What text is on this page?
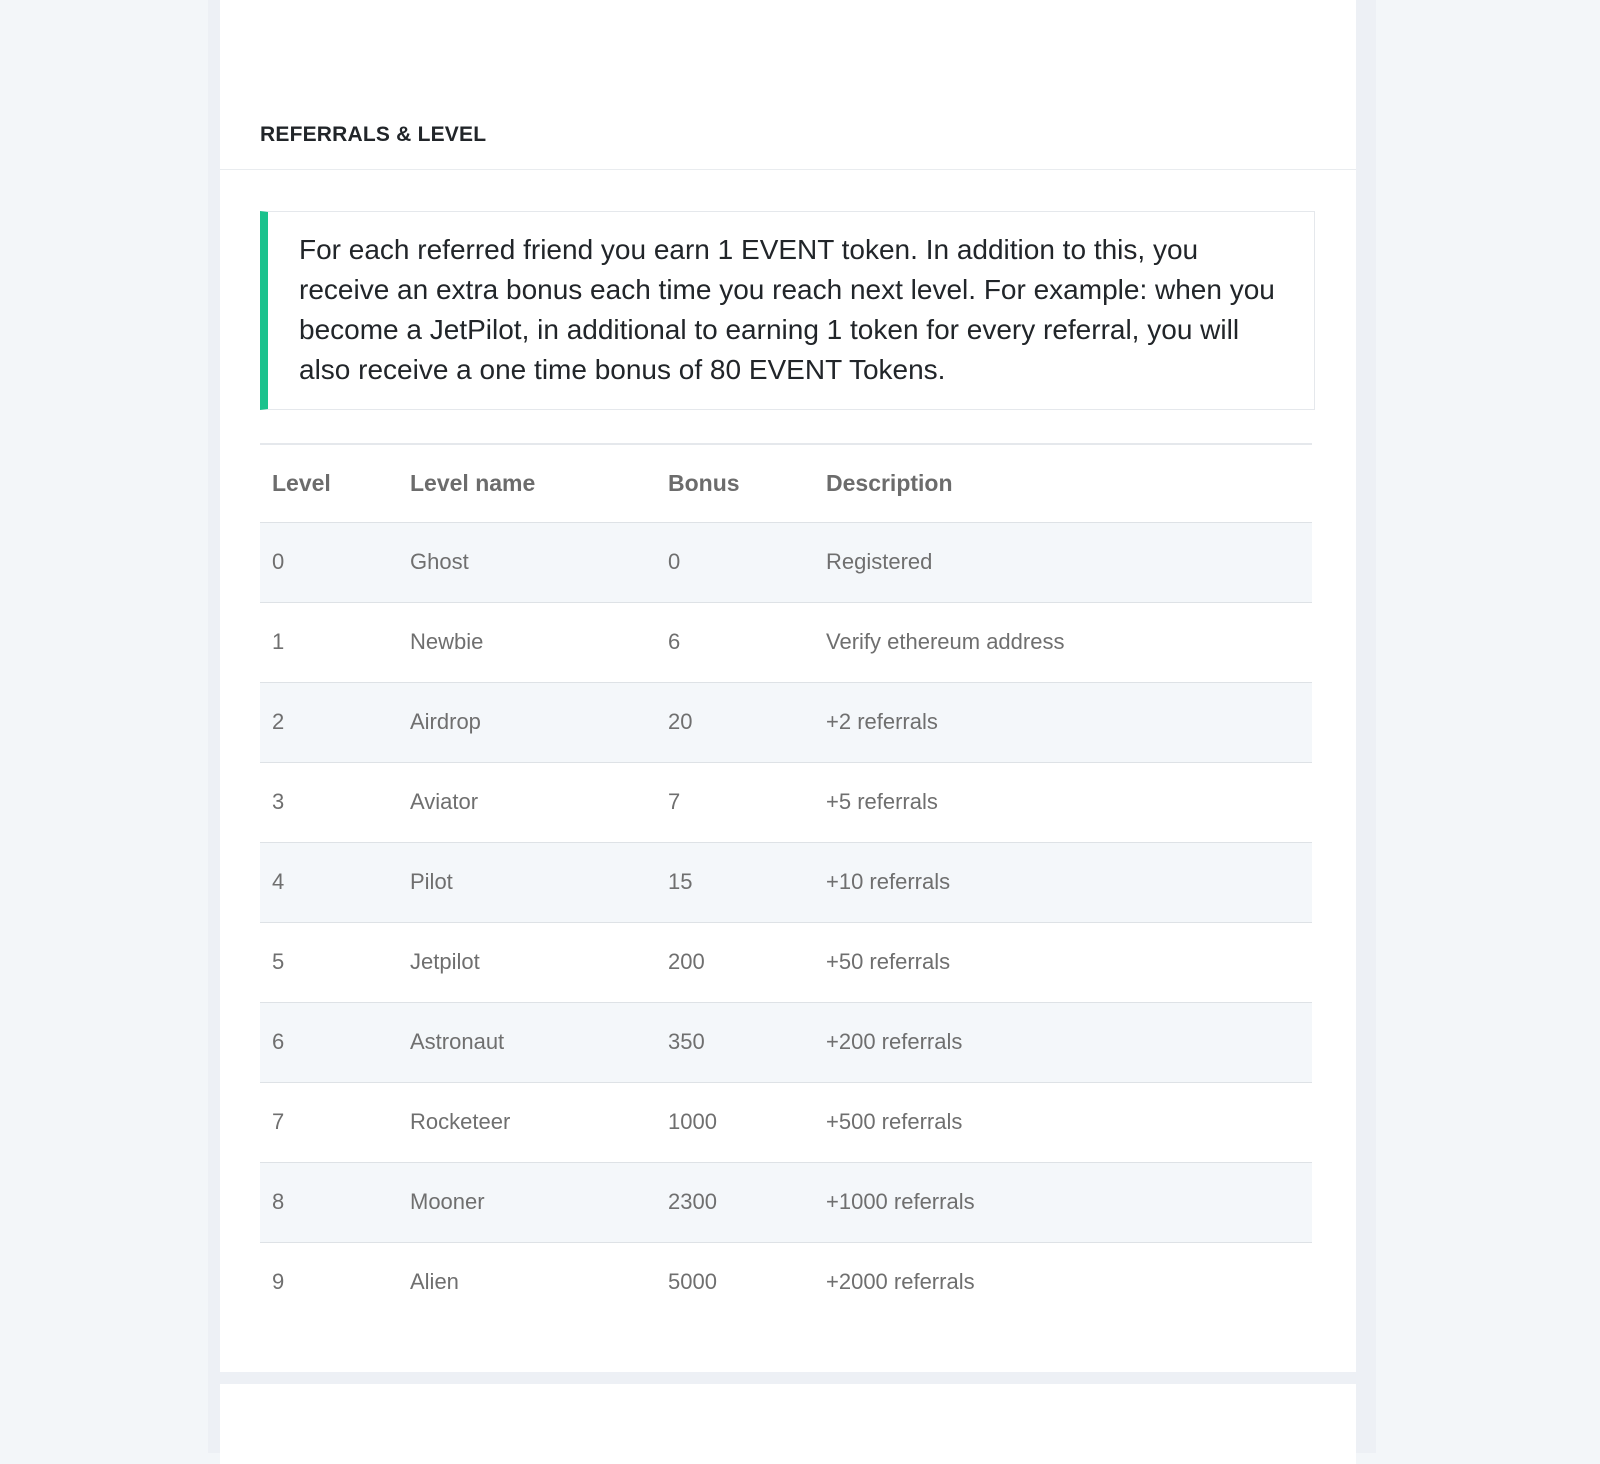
REFERRALS & LEVEL

For each referred friend you earn 1 EVENT token. In addition to this, you receive an extra bonus each time you reach next level. For example: when you become a JetPilot, in additional to earning 1 token for every referral, you will also receive a one time bonus of 80 EVENT Tokens.

Level	Level name	Bonus	Description
0	Ghost	0	Registered
1	Newbie	6	Verify ethereum address
2	Airdrop	20	+2 referrals
3	Aviator	7	+5 referrals
4	Pilot	15	+10 referrals
5	Jetpilot	200	+50 referrals
6	Astronaut	350	+200 referrals
7	Rocketeer	1000	+500 referrals
8	Mooner	2300	+1000 referrals
9	Alien	5000	+2000 referrals
